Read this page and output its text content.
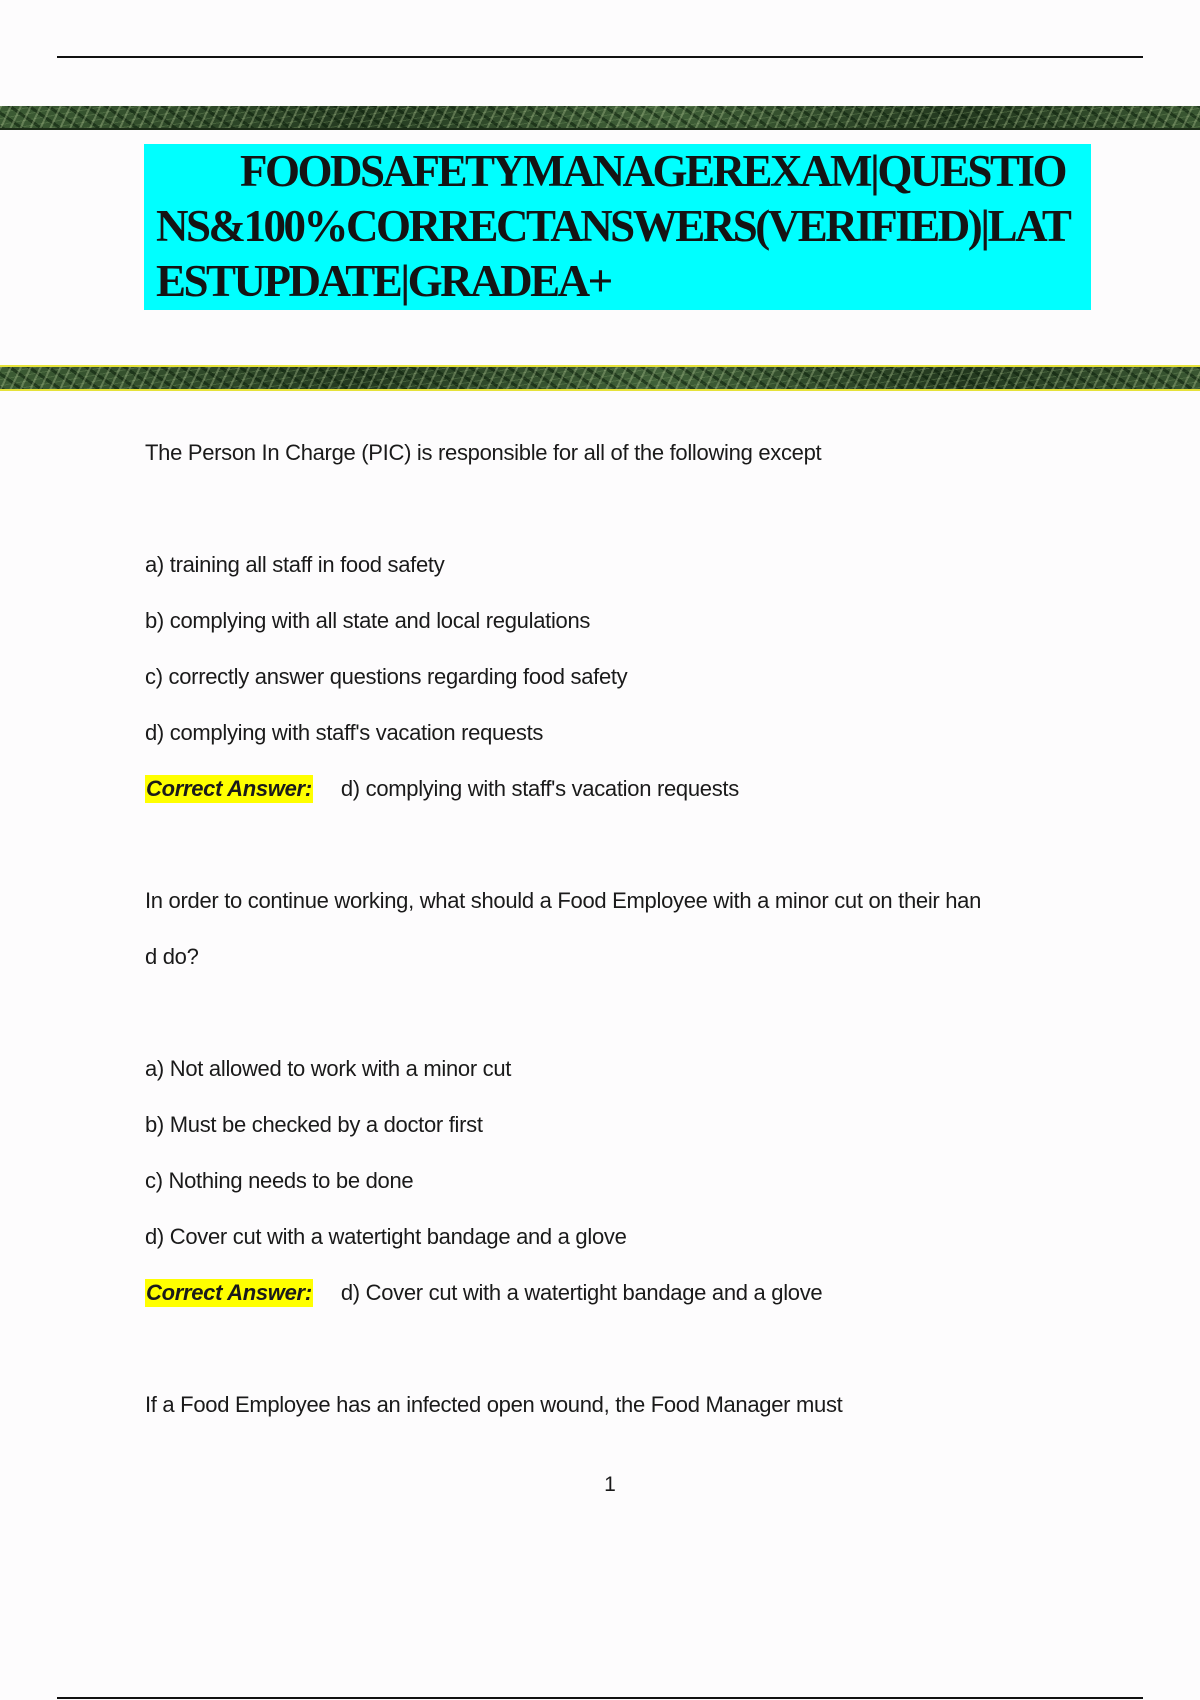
FOODSAFETYMANAGEREXAM|QUESTIONS&100%CORRECTANSWERS(VERIFIED)|LATESTUPDATE|GRADEA+

The Person In Charge (PIC) is responsible for all of the following except

a) training all staff in food safety

b) complying with all state and local regulations

c) correctly answer questions regarding food safety

d) complying with staff's vacation requests

Correct Answer: d) complying with staff's vacation requests

In order to continue working, what should a Food Employee with a minor cut on their han

d do?

a) Not allowed to work with a minor cut

b) Must be checked by a doctor first

c) Nothing needs to be done

d) Cover cut with a watertight bandage and a glove

Correct Answer: d) Cover cut with a watertight bandage and a glove

If a Food Employee has an infected open wound, the Food Manager must

1
